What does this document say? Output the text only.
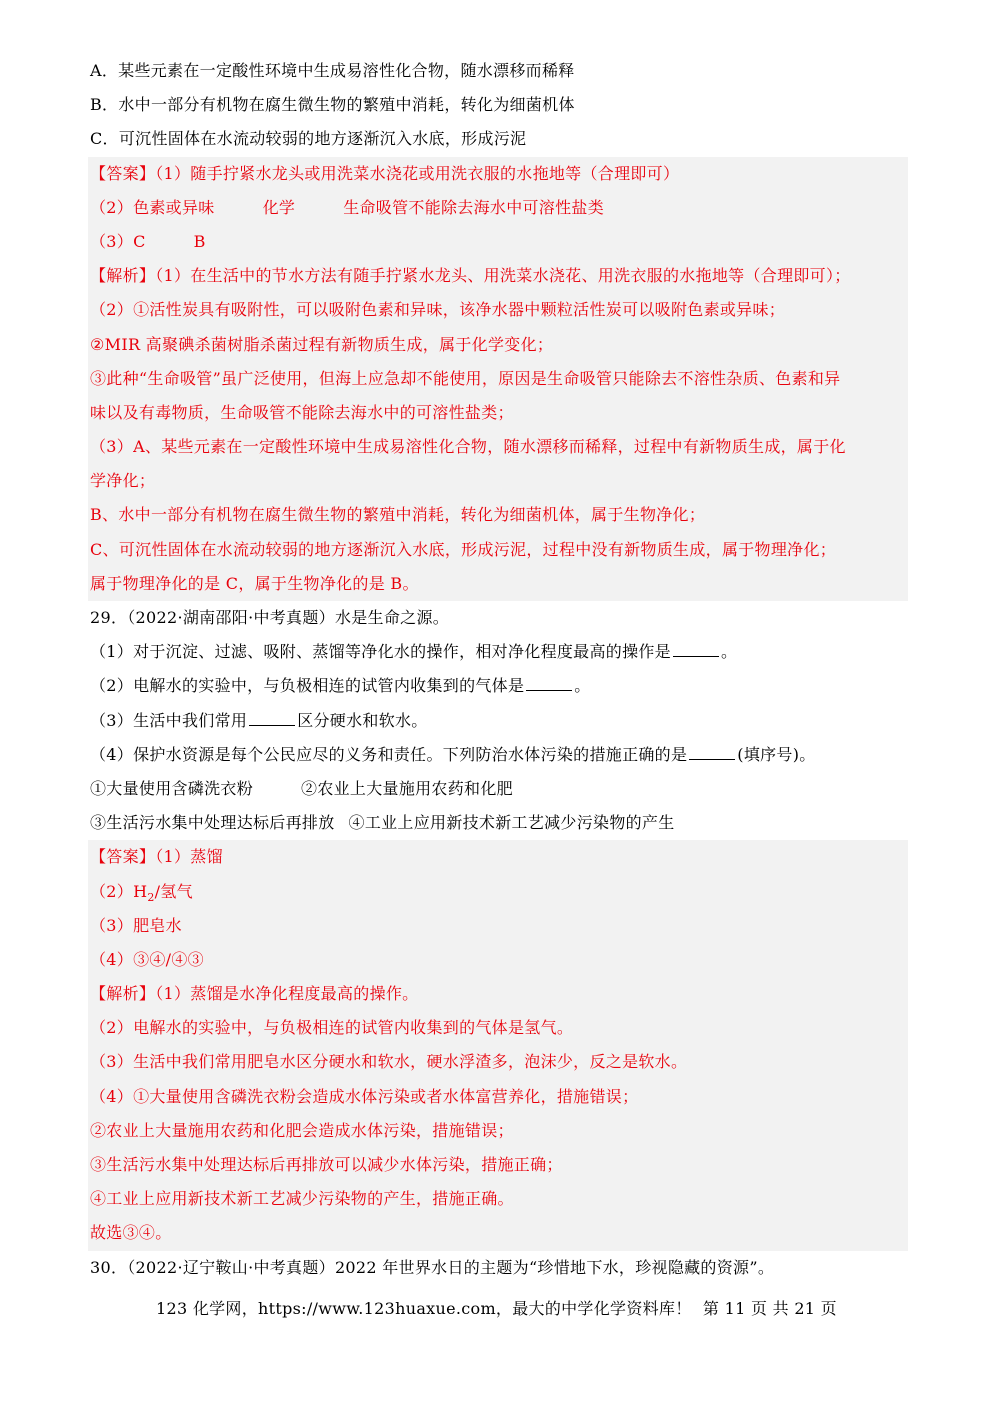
A．某些元素在一定酸性环境中生成易溶性化合物，随水漂移而稀释
B．水中一部分有机物在腐生微生物的繁殖中消耗，转化为细菌机体
C．可沉性固体在水流动较弱的地方逐渐沉入水底，形成污泥
【答案】（1）随手拧紧水龙头或用洗菜水浇花或用洗衣服的水拖地等（合理即可）
（2）色素或异味	化学	生命吸管不能除去海水中可溶性盐类
（3）C	B
【解析】（1）在生活中的节水方法有随手拧紧水龙头、用洗菜水浇花、用洗衣服的水拖地等（合理即可）；
（2）①活性炭具有吸附性，可以吸附色素和异味，该净水器中颗粒活性炭可以吸附色素或异味；
②MIR 高聚碘杀菌树脂杀菌过程有新物质生成，属于化学变化；
③此种“生命吸管”虽广泛使用，但海上应急却不能使用，原因是生命吸管只能除去不溶性杂质、色素和异
味以及有毒物质，生命吸管不能除去海水中的可溶性盐类；
（3）A、某些元素在一定酸性环境中生成易溶性化合物，随水漂移而稀释，过程中有新物质生成，属于化
学净化；
B、水中一部分有机物在腐生微生物的繁殖中消耗，转化为细菌机体，属于生物净化；
C、可沉性固体在水流动较弱的地方逐渐沉入水底，形成污泥，过程中没有新物质生成，属于物理净化；
属于物理净化的是 C，属于生物净化的是 B。
29．（2022·湖南邵阳·中考真题）水是生命之源。
（1）对于沉淀、过滤、吸附、蒸馏等净化水的操作，相对净化程度最高的操作是	。
（2）电解水的实验中，与负极相连的试管内收集到的气体是	。
（3）生活中我们常用	区分硬水和软水。
（4）保护水资源是每个公民应尽的义务和责任。下列防治水体污染的措施正确的是	(填序号)。
①大量使用含磷洗衣粉	②农业上大量施用农药和化肥
③生活污水集中处理达标后再排放 ④工业上应用新技术新工艺减少污染物的产生
【答案】（1）蒸馏
$(2)H_2/$氢气
（3）肥皂水
（4）③④/④③
【解析】（1）蒸馏是水净化程度最高的操作。
（2）电解水的实验中，与负极相连的试管内收集到的气体是氢气。
（3）生活中我们常用肥皂水区分硬水和软水，硬水浮渣多，泡沫少，反之是软水。
（4）①大量使用含磷洗衣粉会造成水体污染或者水体富营养化，措施错误；
②农业上大量施用农药和化肥会造成水体污染，措施错误；
③生活污水集中处理达标后再排放可以减少水体污染，措施正确；
④工业上应用新技术新工艺减少污染物的产生，措施正确。
故选③④。
30．（2022·辽宁鞍山·中考真题）2022 年世界水日的主题为“珍惜地下水，珍视隐藏的资源”。
123 化学网，https://www.123huaxue.com，最大的中学化学资料库！ 第 11 页 共 21 页
